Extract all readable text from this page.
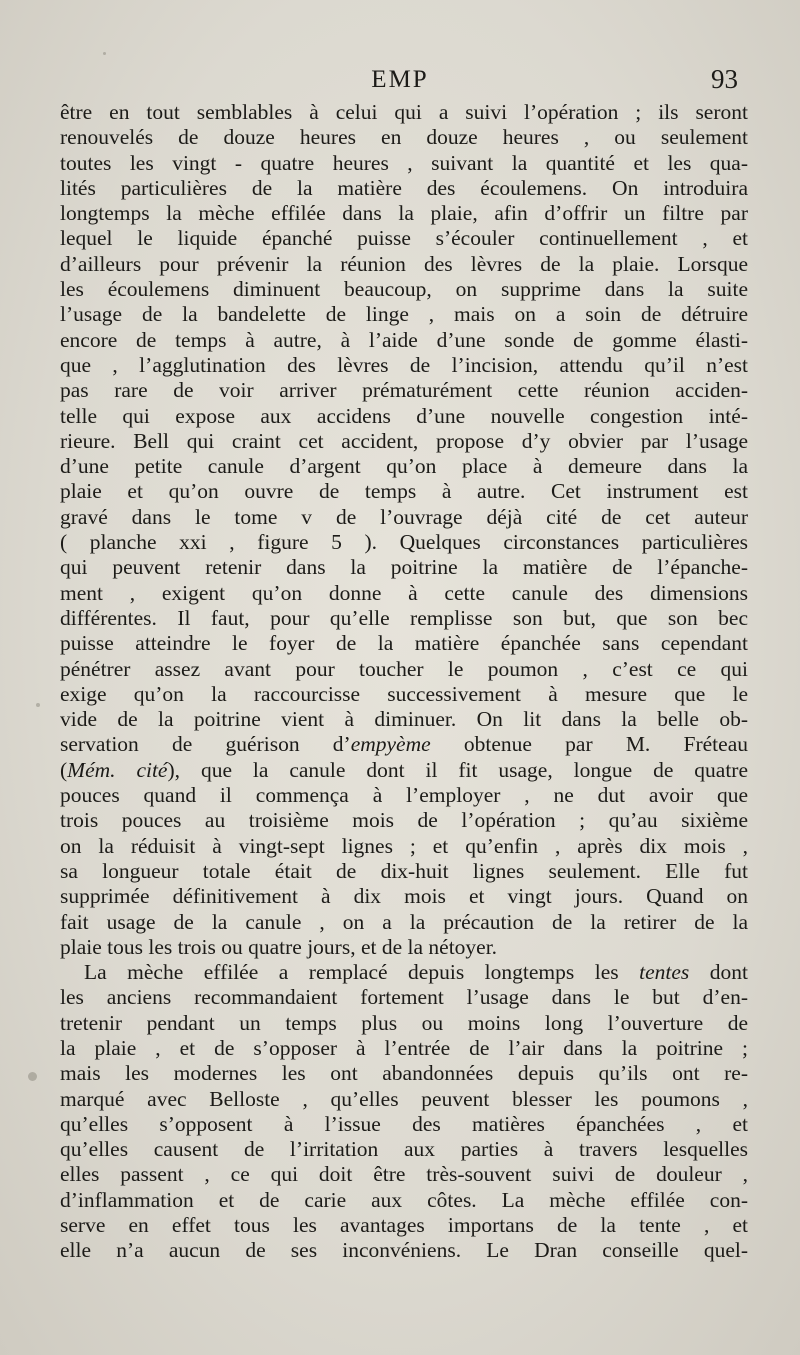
EMP	93
être en tout semblables à celui qui a suivi l’opération ; ils seront
renouvelés de douze heures en douze heures , ou seulement
toutes les vingt - quatre heures , suivant la quantité et les qua-
lités particulières de la matière des écoulemens. On introduira
longtemps la mèche effilée dans la plaie, afin d’offrir un filtre par
lequel le liquide épanché puisse s’écouler continuellement , et
d’ailleurs pour prévenir la réunion des lèvres de la plaie. Lorsque
les écoulemens diminuent beaucoup, on supprime dans la suite
l’usage de la bandelette de linge , mais on a soin de détruire
encore de temps à autre, à l’aide d’une sonde de gomme élasti-
que , l’agglutination des lèvres de l’incision, attendu qu’il n’est
pas rare de voir arriver prématurément cette réunion acciden-
telle qui expose aux accidens d’une nouvelle congestion inté-
rieure. Bell qui craint cet accident, propose d’y obvier par l’usage
d’une petite canule d’argent qu’on place à demeure dans la
plaie et qu’on ouvre de temps à autre. Cet instrument est
gravé dans le tome v de l’ouvrage déjà cité de cet auteur
( planche xxi , figure 5 ). Quelques circonstances particulières
qui peuvent retenir dans la poitrine la matière de l’épanche-
ment , exigent qu’on donne à cette canule des dimensions
différentes. Il faut, pour qu’elle remplisse son but, que son bec
puisse atteindre le foyer de la matière épanchée sans cependant
pénétrer assez avant pour toucher le poumon , c’est ce qui
exige qu’on la raccourcisse successivement à mesure que le
vide de la poitrine vient à diminuer. On lit dans la belle ob-
servation de guérison d’empyème obtenue par M. Fréteau
(Mém. cité), que la canule dont il fit usage, longue de quatre
pouces quand il commença à l’employer , ne dut avoir que
trois pouces au troisième mois de l’opération ; qu’au sixième
on la réduisit à vingt-sept lignes ; et qu’enfin , après dix mois ,
sa longueur totale était de dix-huit lignes seulement. Elle fut
supprimée définitivement à dix mois et vingt jours. Quand on
fait usage de la canule , on a la précaution de la retirer de la
plaie tous les trois ou quatre jours, et de la nétoyer.
La mèche effilée a remplacé depuis longtemps les tentes dont
les anciens recommandaient fortement l’usage dans le but d’en-
tretenir pendant un temps plus ou moins long l’ouverture de
la plaie , et de s’opposer à l’entrée de l’air dans la poitrine ;
mais les modernes les ont abandonnées depuis qu’ils ont re-
marqué avec Belloste , qu’elles peuvent blesser les poumons ,
qu’elles s’opposent à l’issue des matières épanchées , et
qu’elles causent de l’irritation aux parties à travers lesquelles
elles passent , ce qui doit être très-souvent suivi de douleur ,
d’inflammation et de carie aux côtes. La mèche effilée con-
serve en effet tous les avantages importans de la tente , et
elle n’a aucun de ses inconvéniens. Le Dran conseille quel-
